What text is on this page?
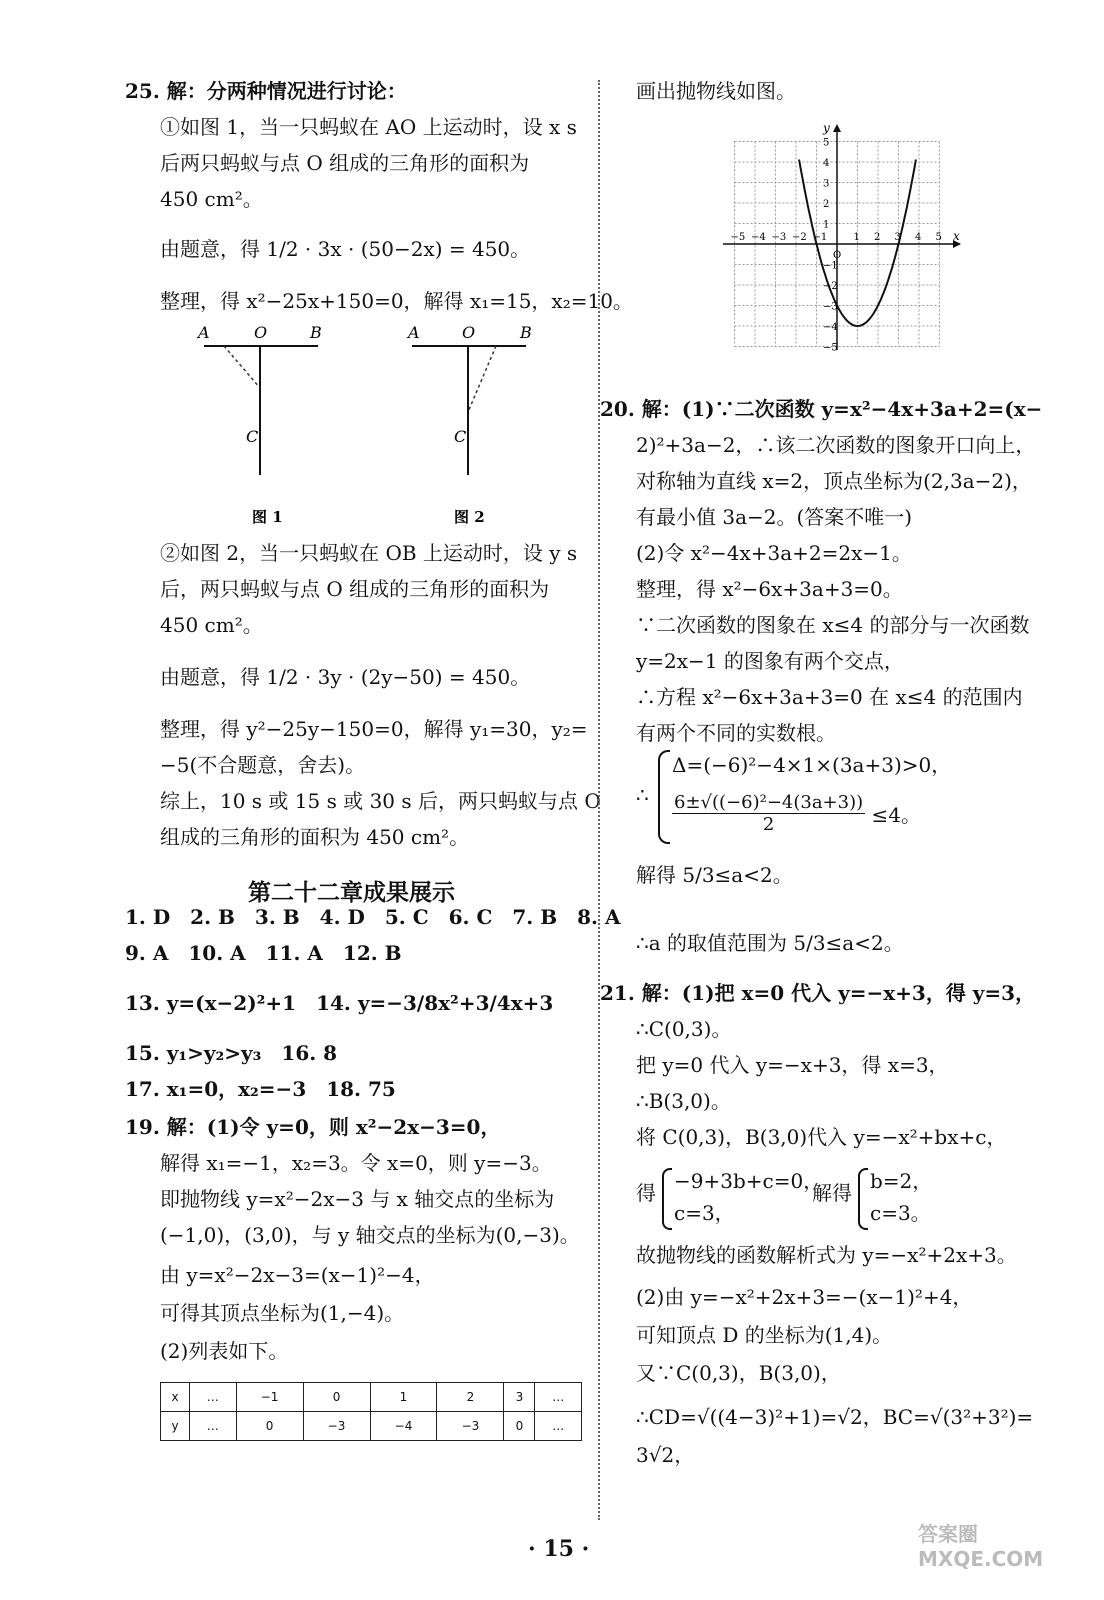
25. 解：分两种情况进行讨论：
①如图 1，当一只蚂蚁在 AO 上运动时，设 x s
后两只蚂蚁与点 O 组成的三角形的面积为
450 cm²。
由题意，得 1/2 · 3x · (50−2x) = 450。
整理，得 x²−25x+150=0，解得 x₁=15，x₂=10。
A	O	B
C
图 1
A	O	B
C
图 2
②如图 2，当一只蚂蚁在 OB 上运动时，设 y s
后，两只蚂蚁与点 O 组成的三角形的面积为
450 cm²。
由题意，得 1/2 · 3y · (2y−50) = 450。
整理，得 y²−25y−150=0，解得 y₁=30，y₂=
−5(不合题意，舍去)。
综上，10 s 或 15 s 或 30 s 后，两只蚂蚁与点 O
组成的三角形的面积为 450 cm²。
第二十二章成果展示
1. D　2. B　3. B　4. D　5. C　6. C　7. B　8. A
9. A　10. A　11. A　12. B
13. y=(x−2)²+1　14. y=−3/8x²+3/4x+3
15. y₁>y₂>y₃　16. 8
17. x₁=0，x₂=−3　18. 75
19. 解：(1)令 y=0，则 x²−2x−3=0，
解得 x₁=−1，x₂=3。令 x=0，则 y=−3。
即抛物线 y=x²−2x−3 与 x 轴交点的坐标为
(−1,0)，(3,0)，与 y 轴交点的坐标为(0,−3)。
由 y=x²−2x−3=(x−1)²−4，
可得其顶点坐标为(1,−4)。
(2)列表如下。
x	…	−1	0	1	2	3	…
y	…	0	−3	−4	−3	0	…
画出抛物线如图。
x
y
−5 −4 −3 −2 −1
O
1 2 3 4 5
5
4
3
2
1
−1
−2
−3
−4
−5
20. 解：(1)∵二次函数 y=x²−4x+3a+2=(x−
2)²+3a−2，∴该二次函数的图象开口向上，
对称轴为直线 x=2，顶点坐标为(2,3a−2)，
有最小值 3a−2。(答案不唯一)
(2)令 x²−4x+3a+2=2x−1。
整理，得 x²−6x+3a+3=0。
∵二次函数的图象在 x≤4 的部分与一次函数
y=2x−1 的图象有两个交点，
∴方程 x²−6x+3a+3=0 在 x≤4 的范围内
有两个不同的实数根。
∴
Δ=(−6)²−4×1×(3a+3)>0，
$\frac{\text{6±√((−6)²−4(3a+3))}}{2} \le 4$。
解得 5/3≤a<2。
∴a 的取值范围为 5/3≤a<2。
21. 解：(1)把 x=0 代入 y=−x+3，得 y=3，
∴C(0,3)。
把 y=0 代入 y=−x+3，得 x=3，
∴B(3,0)。
将 C(0,3)，B(3,0)代入 y=−x²+bx+c，
得 −9+3b+c=0，
c=3，
解得 b=2，
c=3。
故抛物线的函数解析式为 y=−x²+2x+3。
(2)由 y=−x²+2x+3=−(x−1)²+4，
可知顶点 D 的坐标为(1,4)。
又∵C(0,3)，B(3,0)，
∴CD=√((4−3)²+1)=√2，BC=√(3²+3²)=
3√2，
· 15 ·
答案圈 MXQE.COM
